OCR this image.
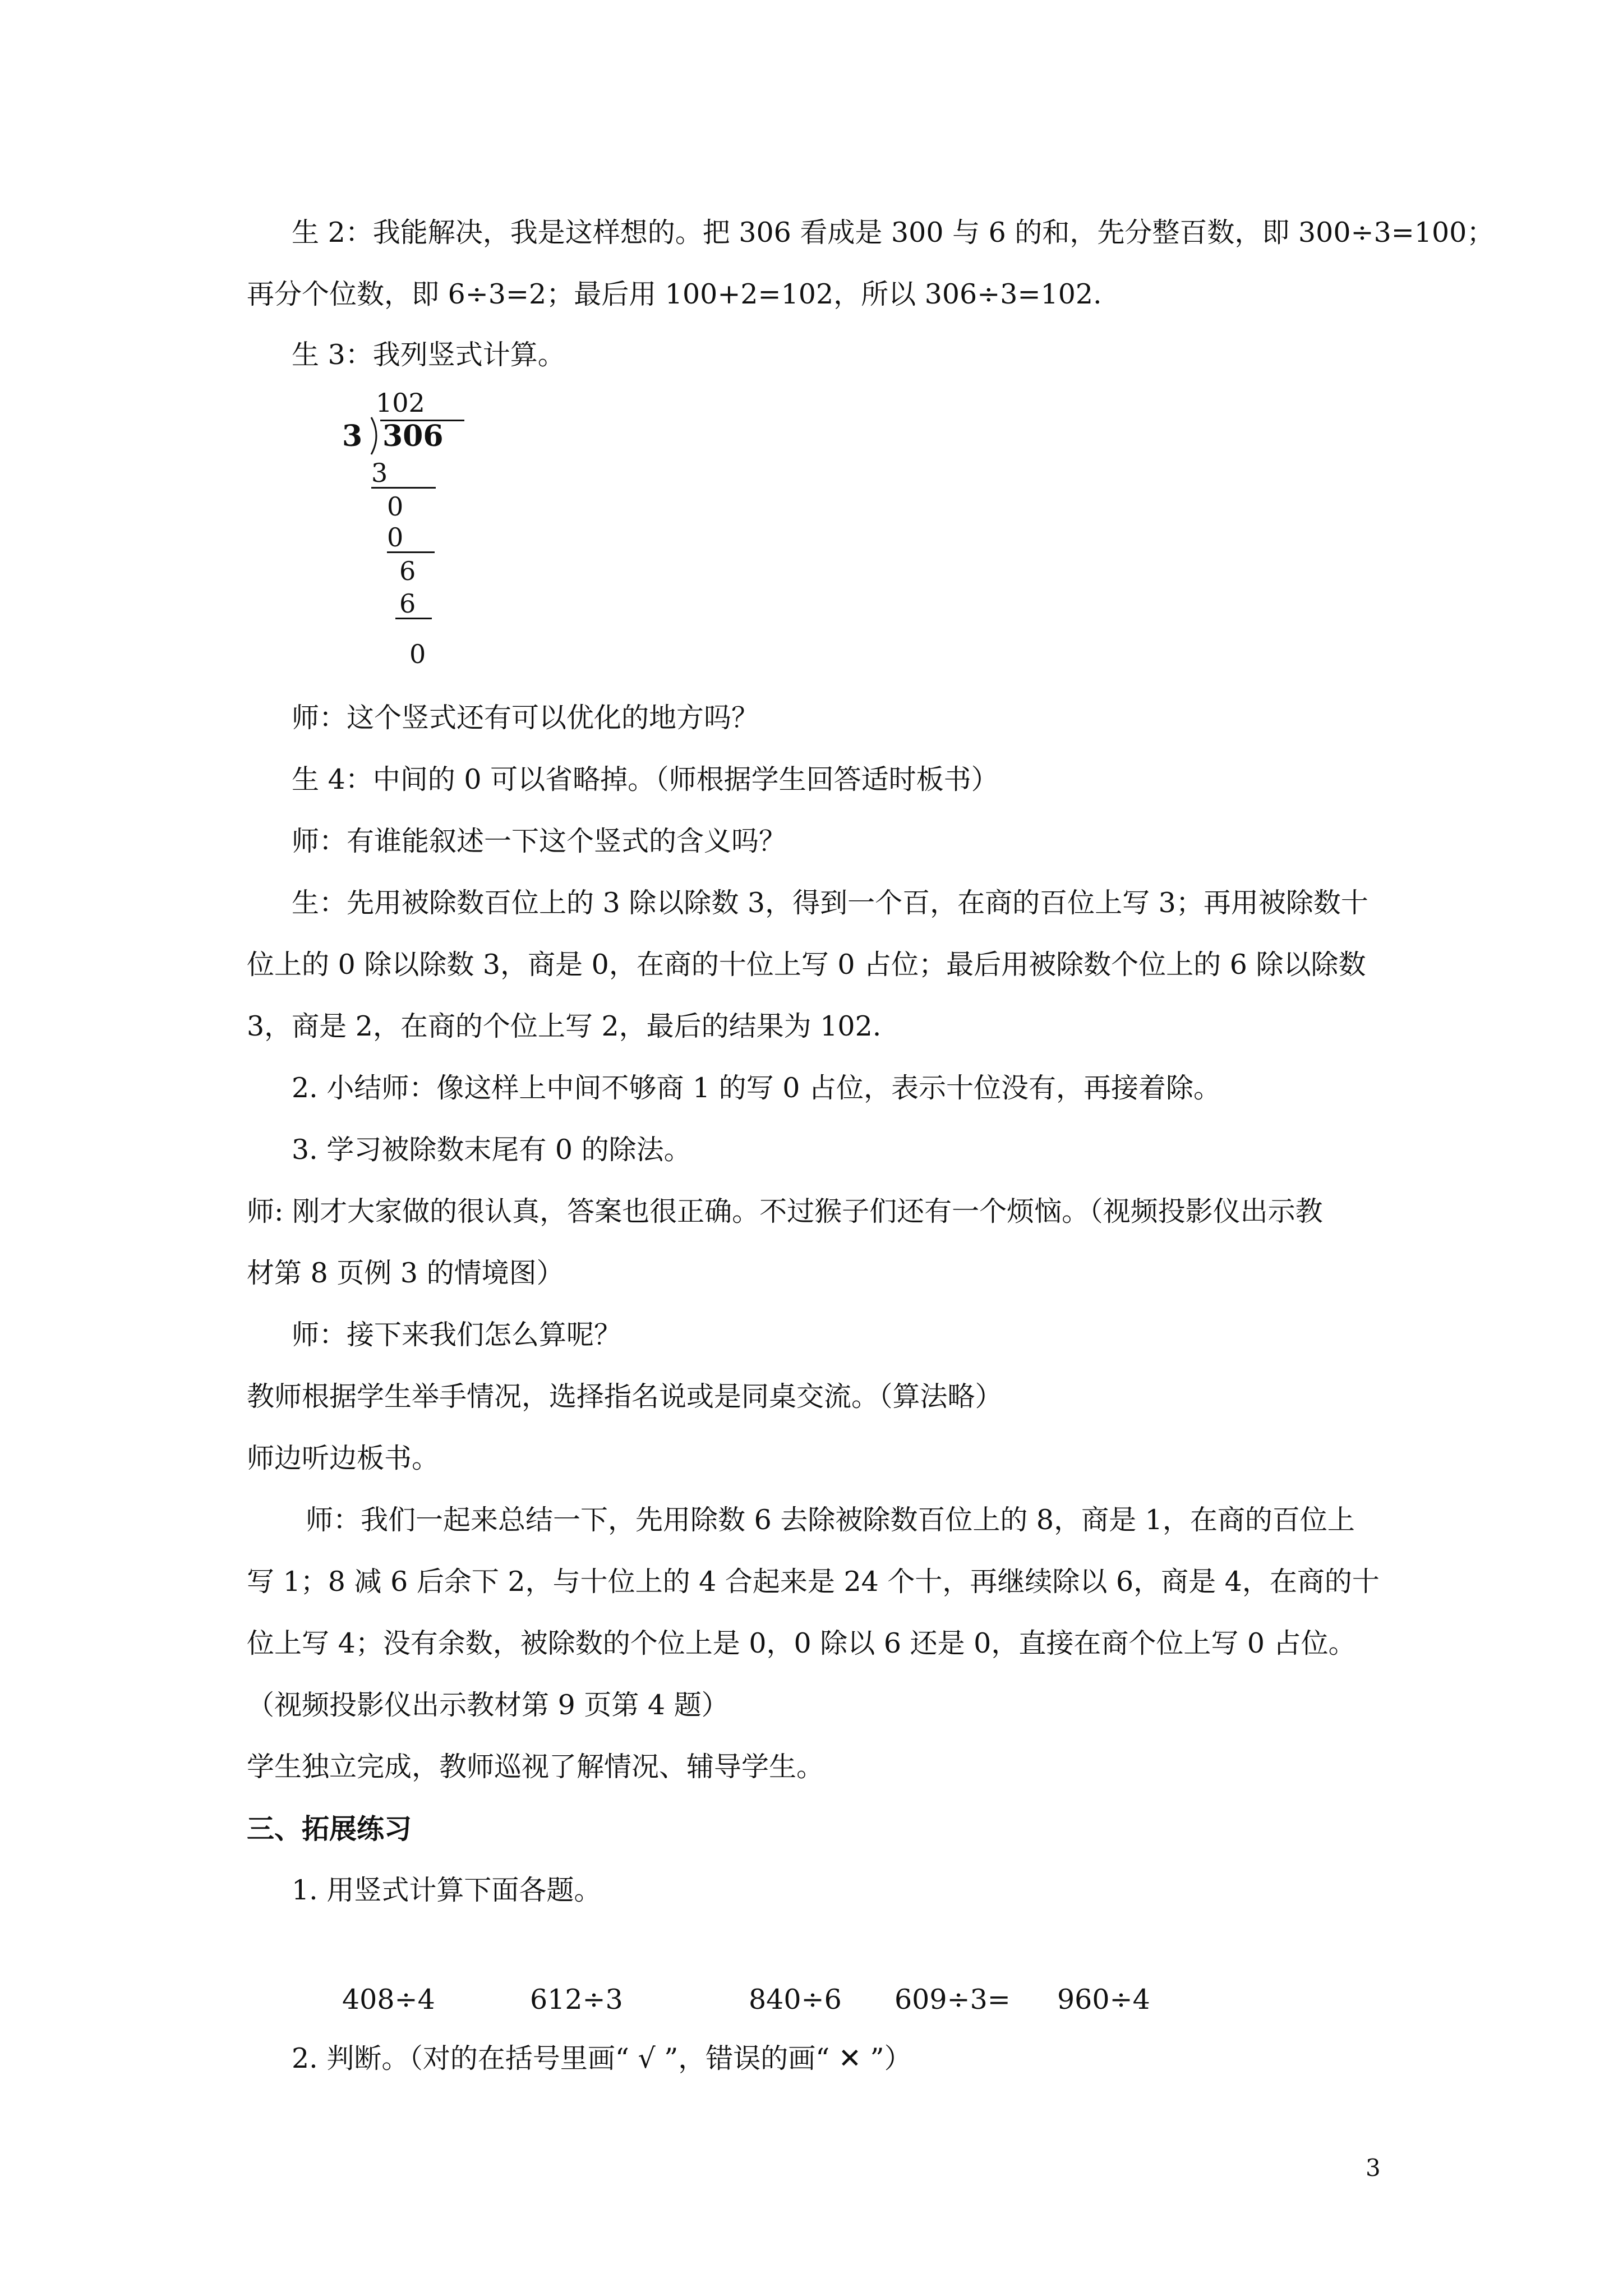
生 2：我能解决，我是这样想的。把 306 看成是 300 与 6 的和，先分整百数，即 300÷3=100；
再分个位数，即 6÷3=2；最后用 100+2=102，所以 306÷3=102.
生 3：我列竖式计算。
102
3 306
3
0
0
6
6
0
师：这个竖式还有可以优化的地方吗？
生 4：中间的 0 可以省略掉。（师根据学生回答适时板书）
师：有谁能叙述一下这个竖式的含义吗？
生：先用被除数百位上的 3 除以除数 3，得到一个百，在商的百位上写 3；再用被除数十
位上的 0 除以除数 3，商是 0，在商的十位上写 0 占位；最后用被除数个位上的 6 除以除数
3，商是 2，在商的个位上写 2，最后的结果为 102.
2. 小结师：像这样上中间不够商 1 的写 0 占位，表示十位没有，再接着除。
3. 学习被除数末尾有 0 的除法。
师: 刚才大家做的很认真，答案也很正确。不过猴子们还有一个烦恼。（视频投影仪出示教
材第 8 页例 3 的情境图）
师：接下来我们怎么算呢？
教师根据学生举手情况，选择指名说或是同桌交流。（算法略）
师边听边板书。
师：我们一起来总结一下，先用除数 6 去除被除数百位上的 8，商是 1，在商的百位上
写 1；8 减 6 后余下 2，与十位上的 4 合起来是 24 个十，再继续除以 6，商是 4，在商的十
位上写 4；没有余数，被除数的个位上是 0，0 除以 6 还是 0，直接在商个位上写 0 占位。
（视频投影仪出示教材第 9 页第 4 题）
学生独立完成，教师巡视了解情况、辅导学生。
三、拓展练习
1. 用竖式计算下面各题。
408÷4	612÷3	840÷6 609÷3= 960÷4
2. 判断。（对的在括号里画“ √ ”，错误的画“ ✕ ”）
3
